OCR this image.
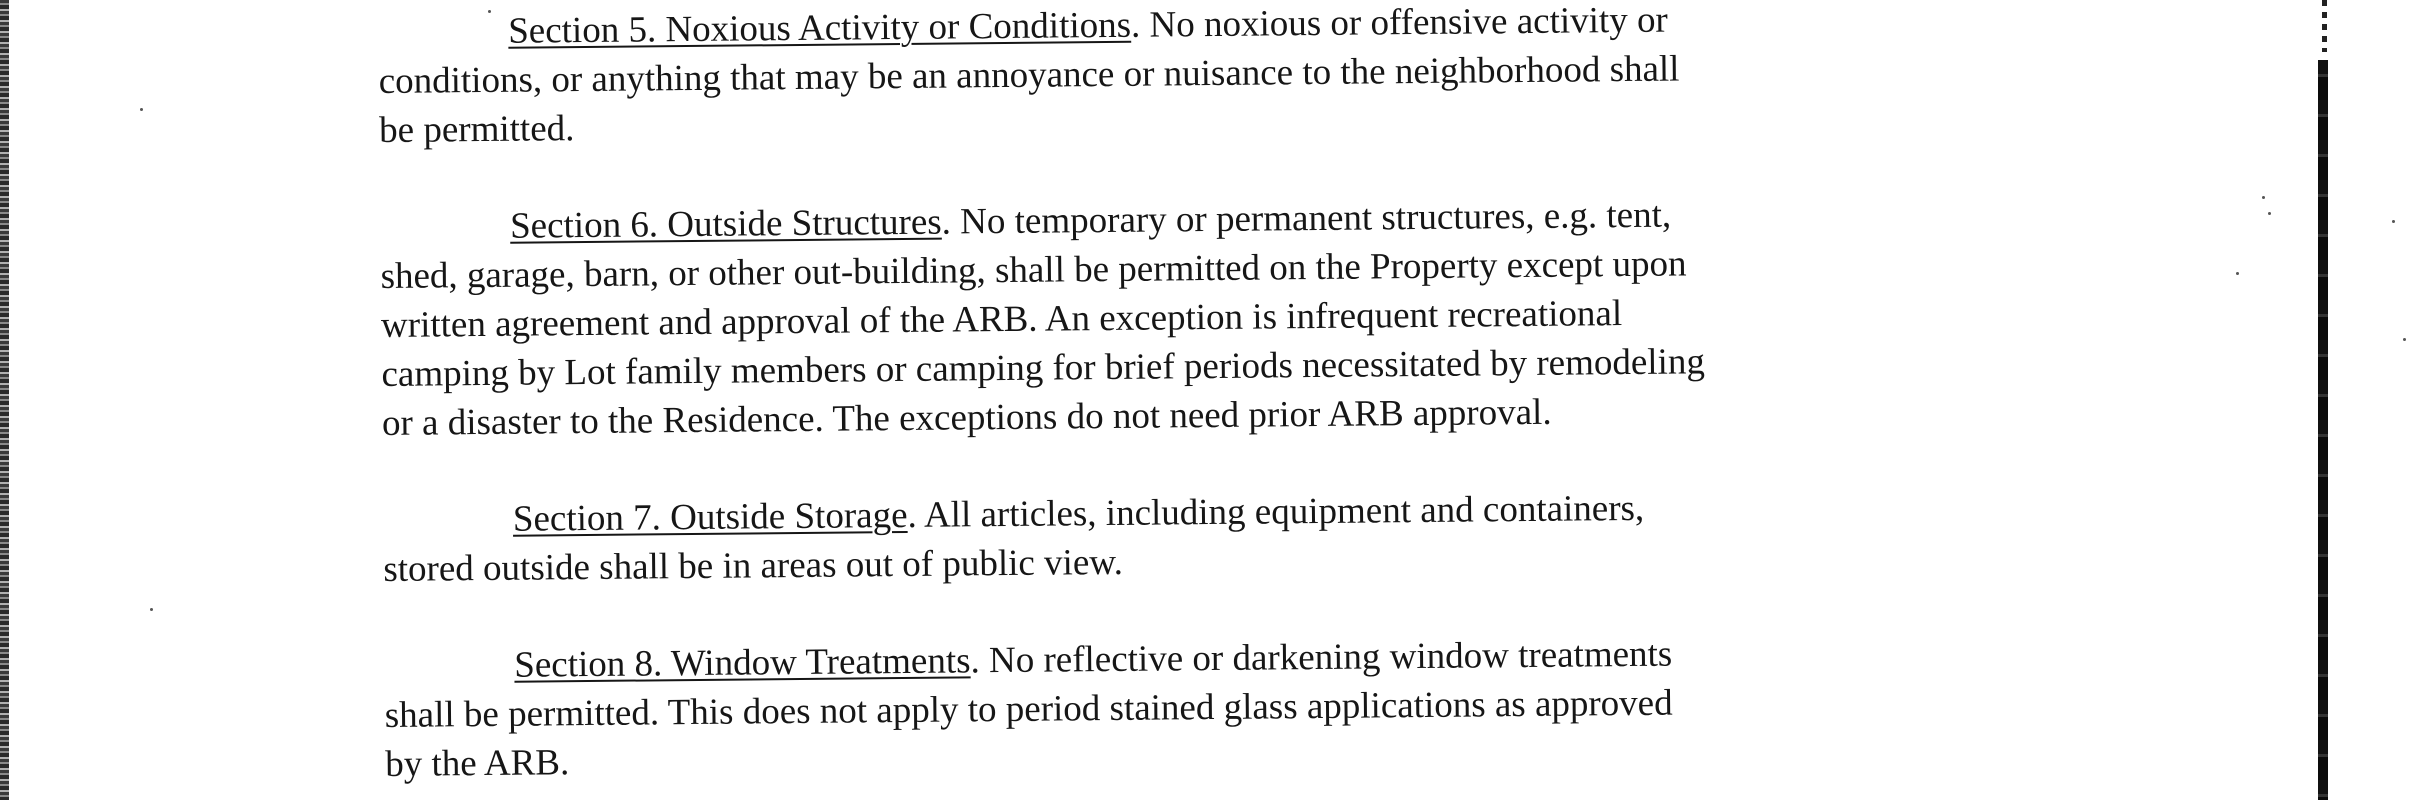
Section 5. Noxious Activity or Conditions. No noxious or offensive activity or
conditions, or anything that may be an annoyance or nuisance to the neighborhood shall
be permitted.
Section 6. Outside Structures. No temporary or permanent structures, e.g. tent,
shed, garage, barn, or other out-building, shall be permitted on the Property except upon
written agreement and approval of the ARB. An exception is infrequent recreational
camping by Lot family members or camping for brief periods necessitated by remodeling
or a disaster to the Residence. The exceptions do not need prior ARB approval.
Section 7. Outside Storage. All articles, including equipment and containers,
stored outside shall be in areas out of public view.
Section 8. Window Treatments. No reflective or darkening window treatments
shall be permitted. This does not apply to period stained glass applications as approved
by the ARB.
